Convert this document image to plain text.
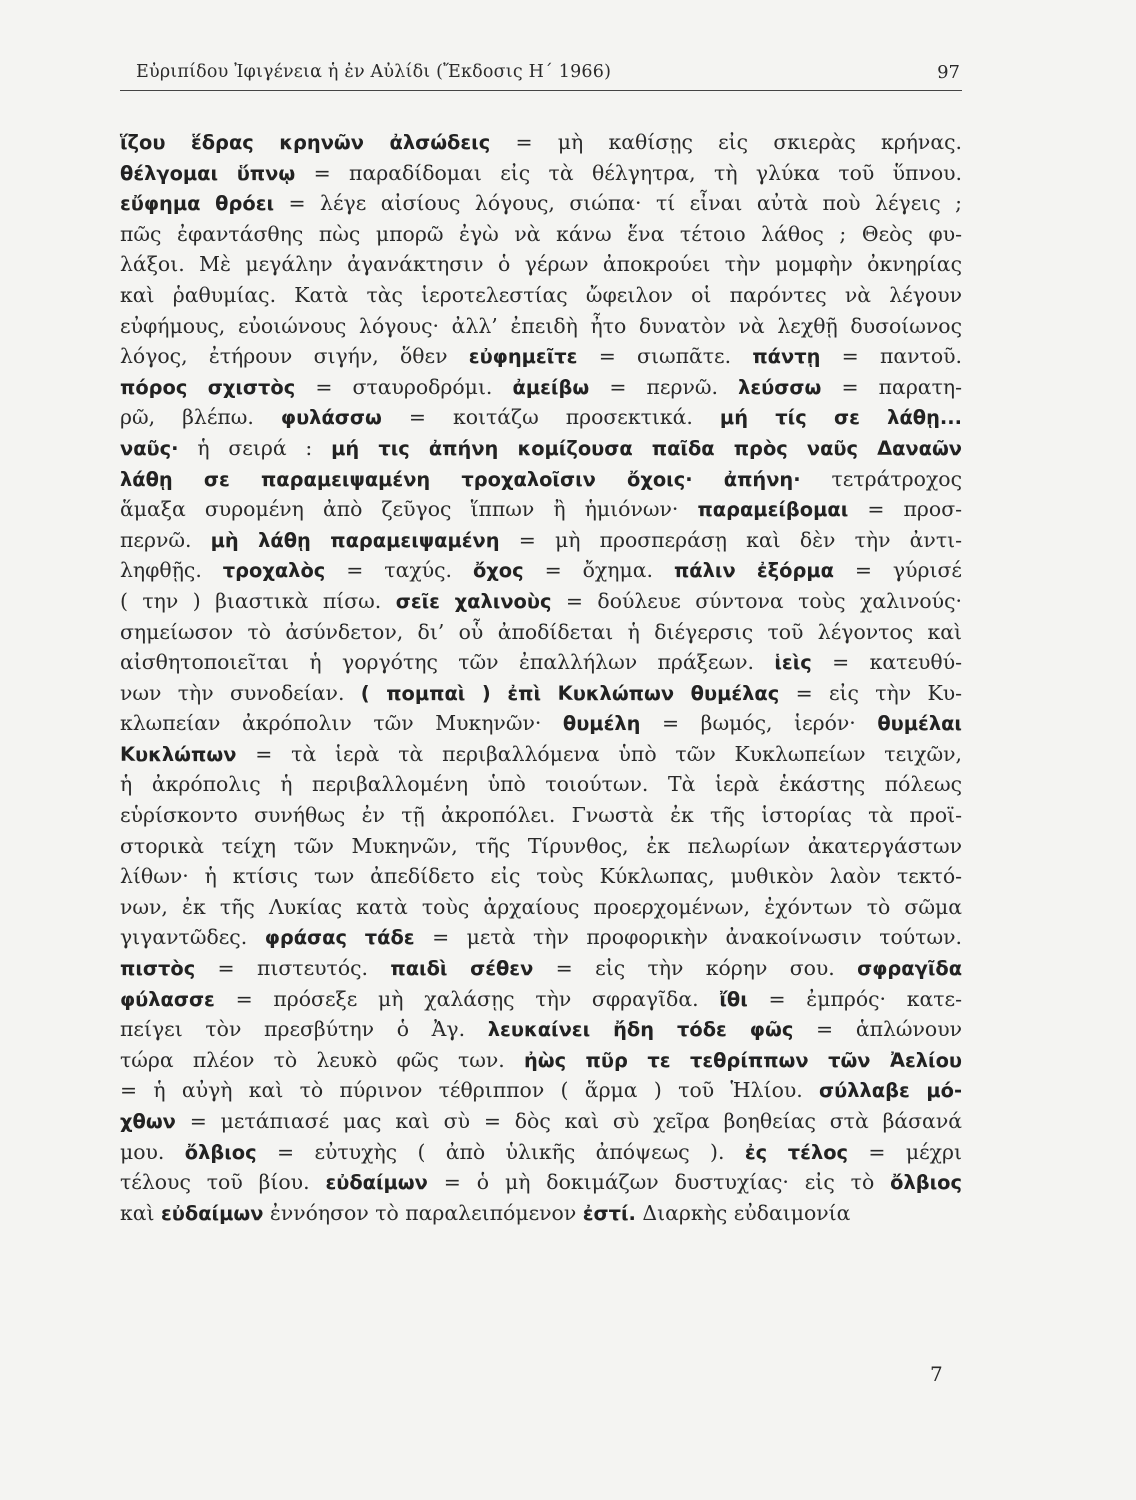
Εὐριπίδου Ἰφιγένεια ἡ ἐν Αὐλίδι (Ἔκδοσις Η΄ 1966)	97
ἵζου ἕδρας κρηνῶν ἀλσώδεις = μὴ καθίσῃς εἰς σκιερὰς κρήνας.
θέλγομαι ὕπνῳ = παραδίδομαι εἰς τὰ θέλγητρα, τὴ γλύκα τοῦ ὕπνου.
εὔφημα θρόει = λέγε αἰσίους λόγους, σιώπα· τί εἶναι αὐτὰ ποὺ λέγεις ;
πῶς ἐφαντάσθης πὼς μπορῶ ἐγὼ νὰ κάνω ἕνα τέτοιο λάθος ; Θεὸς φυ-
λάξοι. Μὲ μεγάλην ἀγανάκτησιν ὁ γέρων ἀποκρούει τὴν μομφὴν ὀκνηρίας
καὶ ῥαθυμίας. Κατὰ τὰς ἱεροτελεστίας ὤφειλον οἱ παρόντες νὰ λέγουν
εὐφήμους, εὐοιώνους λόγους· ἀλλ’ ἐπειδὴ ἦτο δυνατὸν νὰ λεχθῇ δυσοίωνος
λόγος, ἐτήρουν σιγήν, ὅθεν εὐφημεῖτε = σιωπᾶτε. πάντῃ = παντοῦ.
πόρος σχιστὸς = σταυροδρόμι. ἀμείβω = περνῶ. λεύσσω = παρατη-
ρῶ, βλέπω. φυλάσσω = κοιτάζω προσεκτικά. μή τίς σε λάθῃ...
ναῦς· ἡ σειρά : μή τις ἀπήνη κομίζουσα παῖδα πρὸς ναῦς Δαναῶν
λάθῃ σε παραμειψαμένη τροχαλοῖσιν ὄχοις· ἀπήνη· τετράτροχος
ἅμαξα συρομένη ἀπὸ ζεῦγος ἵππων ἢ ἡμιόνων· παραμείβομαι = προσ-
περνῶ. μὴ λάθῃ παραμειψαμένη = μὴ προσπεράσῃ καὶ δὲν τὴν ἀντι-
ληφθῇς. τροχαλὸς = ταχύς. ὄχος = ὄχημα. πάλιν ἐξόρμα = γύρισέ
( την ) βιαστικὰ πίσω. σεῖε χαλινοὺς = δούλευε σύντονα τοὺς χαλινούς·
σημείωσον τὸ ἀσύνδετον, δι’ οὗ ἀποδίδεται ἡ διέγερσις τοῦ λέγοντος καὶ
αἰσθητοποιεῖται ἡ γοργότης τῶν ἐπαλλήλων πράξεων. ἱεὶς = κατευθύ-
νων τὴν συνοδείαν. ( πομπαὶ ) ἐπὶ Κυκλώπων θυμέλας = εἰς τὴν Κυ-
κλωπείαν ἀκρόπολιν τῶν Μυκηνῶν· θυμέλη = βωμός, ἱερόν· θυμέλαι
Κυκλώπων = τὰ ἱερὰ τὰ περιβαλλόμενα ὑπὸ τῶν Κυκλωπείων τειχῶν,
ἡ ἀκρόπολις ἡ περιβαλλομένη ὑπὸ τοιούτων. Τὰ ἱερὰ ἑκάστης πόλεως
εὑρίσκοντο συνήθως ἐν τῇ ἀκροπόλει. Γνωστὰ ἐκ τῆς ἱστορίας τὰ προϊ-
στορικὰ τείχη τῶν Μυκηνῶν, τῆς Τίρυνθος, ἐκ πελωρίων ἀκατεργάστων
λίθων· ἡ κτίσις των ἀπεδίδετο εἰς τοὺς Κύκλωπας, μυθικὸν λαὸν τεκτό-
νων, ἐκ τῆς Λυκίας κατὰ τοὺς ἀρχαίους προερχομένων, ἐχόντων τὸ σῶμα
γιγαντῶδες. φράσας τάδε = μετὰ τὴν προφορικὴν ἀνακοίνωσιν τούτων.
πιστὸς = πιστευτός. παιδὶ σέθεν = εἰς τὴν κόρην σου. σφραγῖδα
φύλασσε = πρόσεξε μὴ χαλάσῃς τὴν σφραγῖδα. ἴθι = ἐμπρός· κατε-
πείγει τὸν πρεσβύτην ὁ Ἀγ. λευκαίνει ἤδη τόδε φῶς = ἁπλώνουν
τώρα πλέον τὸ λευκὸ φῶς των. ἠὼς πῦρ τε τεθρίππων τῶν Ἀελίου
= ἡ αὐγὴ καὶ τὸ πύρινον τέθριππον ( ἅρμα ) τοῦ Ἡλίου. σύλλαβε μό-
χθων = μετάπιασέ μας καὶ σὺ = δὸς καὶ σὺ χεῖρα βοηθείας στὰ βάσανά
μου. ὄλβιος = εὐτυχὴς ( ἀπὸ ὑλικῆς ἀπόψεως ). ἐς τέλος = μέχρι
τέλους τοῦ βίου. εὐδαίμων = ὁ μὴ δοκιμάζων δυστυχίας· εἰς τὸ ὄλβιος
καὶ εὐδαίμων ἐννόησον τὸ παραλειπόμενον ἐστί. Διαρκὴς εὐδαιμονία
7
